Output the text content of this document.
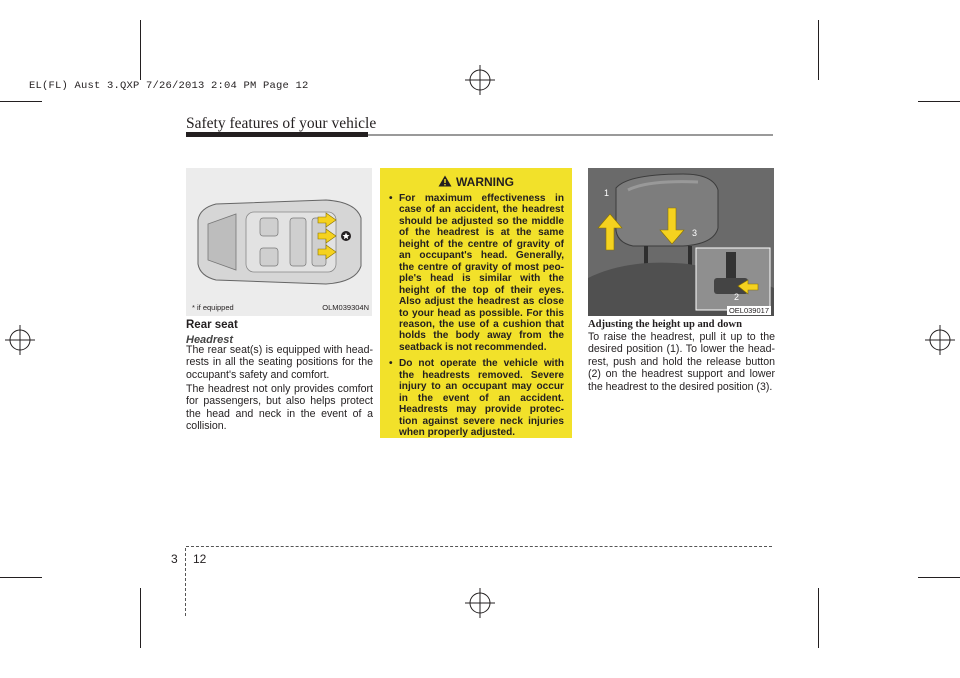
EL(FL) Aust 3.QXP 7/26/2013 2:04 PM Page 12
Safety features of your vehicle
* if equipped	OLM039304N
Rear seat
Headrest

The rear seat(s) is equipped with head-rests in all the seating positions for the occupant's safety and comfort.

The headrest not only provides comfort for passengers, but also helps protect the head and neck in the event of a collision.

WARNING
• For maximum effectiveness in case of an accident, the headrest should be adjusted so the middle of the headrest is at the same height of the centre of gravity of an occupant's head. Generally, the centre of gravity of most peo-ple's head is similar with the height of the top of their eyes. Also adjust the headrest as close to your head as possible. For this reason, the use of a cushion that holds the body away from the seatback is not recommended.
• Do not operate the vehicle with the headrests removed. Severe injury to an occupant may occur in the event of an accident. Headrests may provide protec-tion against severe neck injuries when properly adjusted.
1
3
2
OEL039017
Adjusting the height up and down

To raise the headrest, pull it up to the desired position (1). To lower the head-rest, push and hold the release button (2) on the headrest support and lower the headrest to the desired position (3).

3 12
